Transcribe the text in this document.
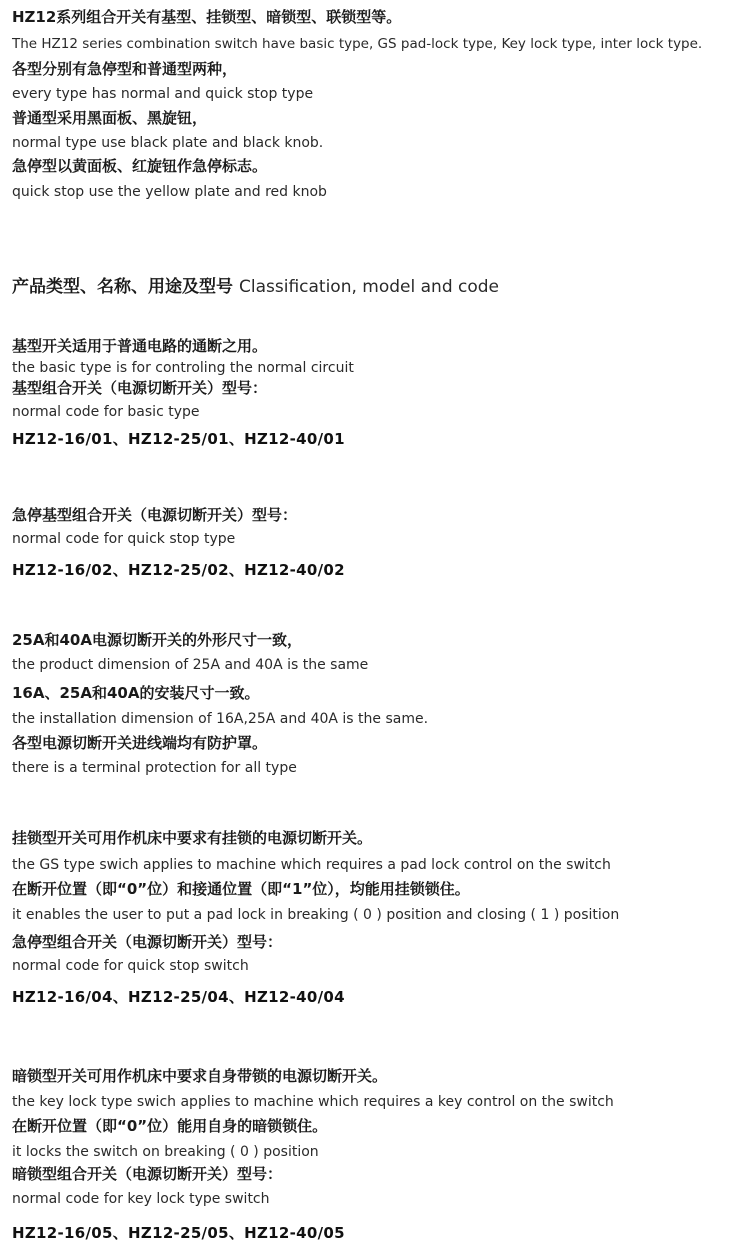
HZ12系列组合开关有基型、挂锁型、暗锁型、联锁型等。
The HZ12 series combination switch have basic type, GS pad-lock type, Key lock type, inter lock type.
各型分别有急停型和普通型两种，
every type has normal and quick stop type
普通型采用黑面板、黑旋钮，
normal type use black plate and black knob.
急停型以黄面板、红旋钮作急停标志。
quick stop use the yellow plate and red knob
产品类型、名称、用途及型号 Classification, model and code
基型开关适用于普通电路的通断之用。
the basic type is for controling the normal circuit
基型组合开关（电源切断开关）型号：
normal code for basic type
HZ12-16/01、HZ12-25/01、HZ12-40/01
急停基型组合开关（电源切断开关）型号：
normal code for quick stop type
HZ12-16/02、HZ12-25/02、HZ12-40/02
25A和40A电源切断开关的外形尺寸一致，
the product dimension of 25A and 40A is the same
16A、25A和40A的安装尺寸一致。
the installation dimension of 16A,25A and 40A is the same.
各型电源切断开关进线端均有防护罩。
there is a terminal protection for all type
挂锁型开关可用作机床中要求有挂锁的电源切断开关。
the GS type swich applies to machine which requires a pad lock control on the switch
在断开位置（即“0”位）和接通位置（即“1”位），均能用挂锁锁住。
it enables the user to put a pad lock in breaking ( 0 ) position and closing ( 1 ) position
急停型组合开关（电源切断开关）型号：
normal code for quick stop switch
HZ12-16/04、HZ12-25/04、HZ12-40/04
暗锁型开关可用作机床中要求自身带锁的电源切断开关。
the key lock type swich applies to machine which requires a key control on the switch
在断开位置（即“0”位）能用自身的暗锁锁住。
it locks the switch on breaking ( 0 ) position
暗锁型组合开关（电源切断开关）型号：
normal code for key lock type switch
HZ12-16/05、HZ12-25/05、HZ12-40/05
